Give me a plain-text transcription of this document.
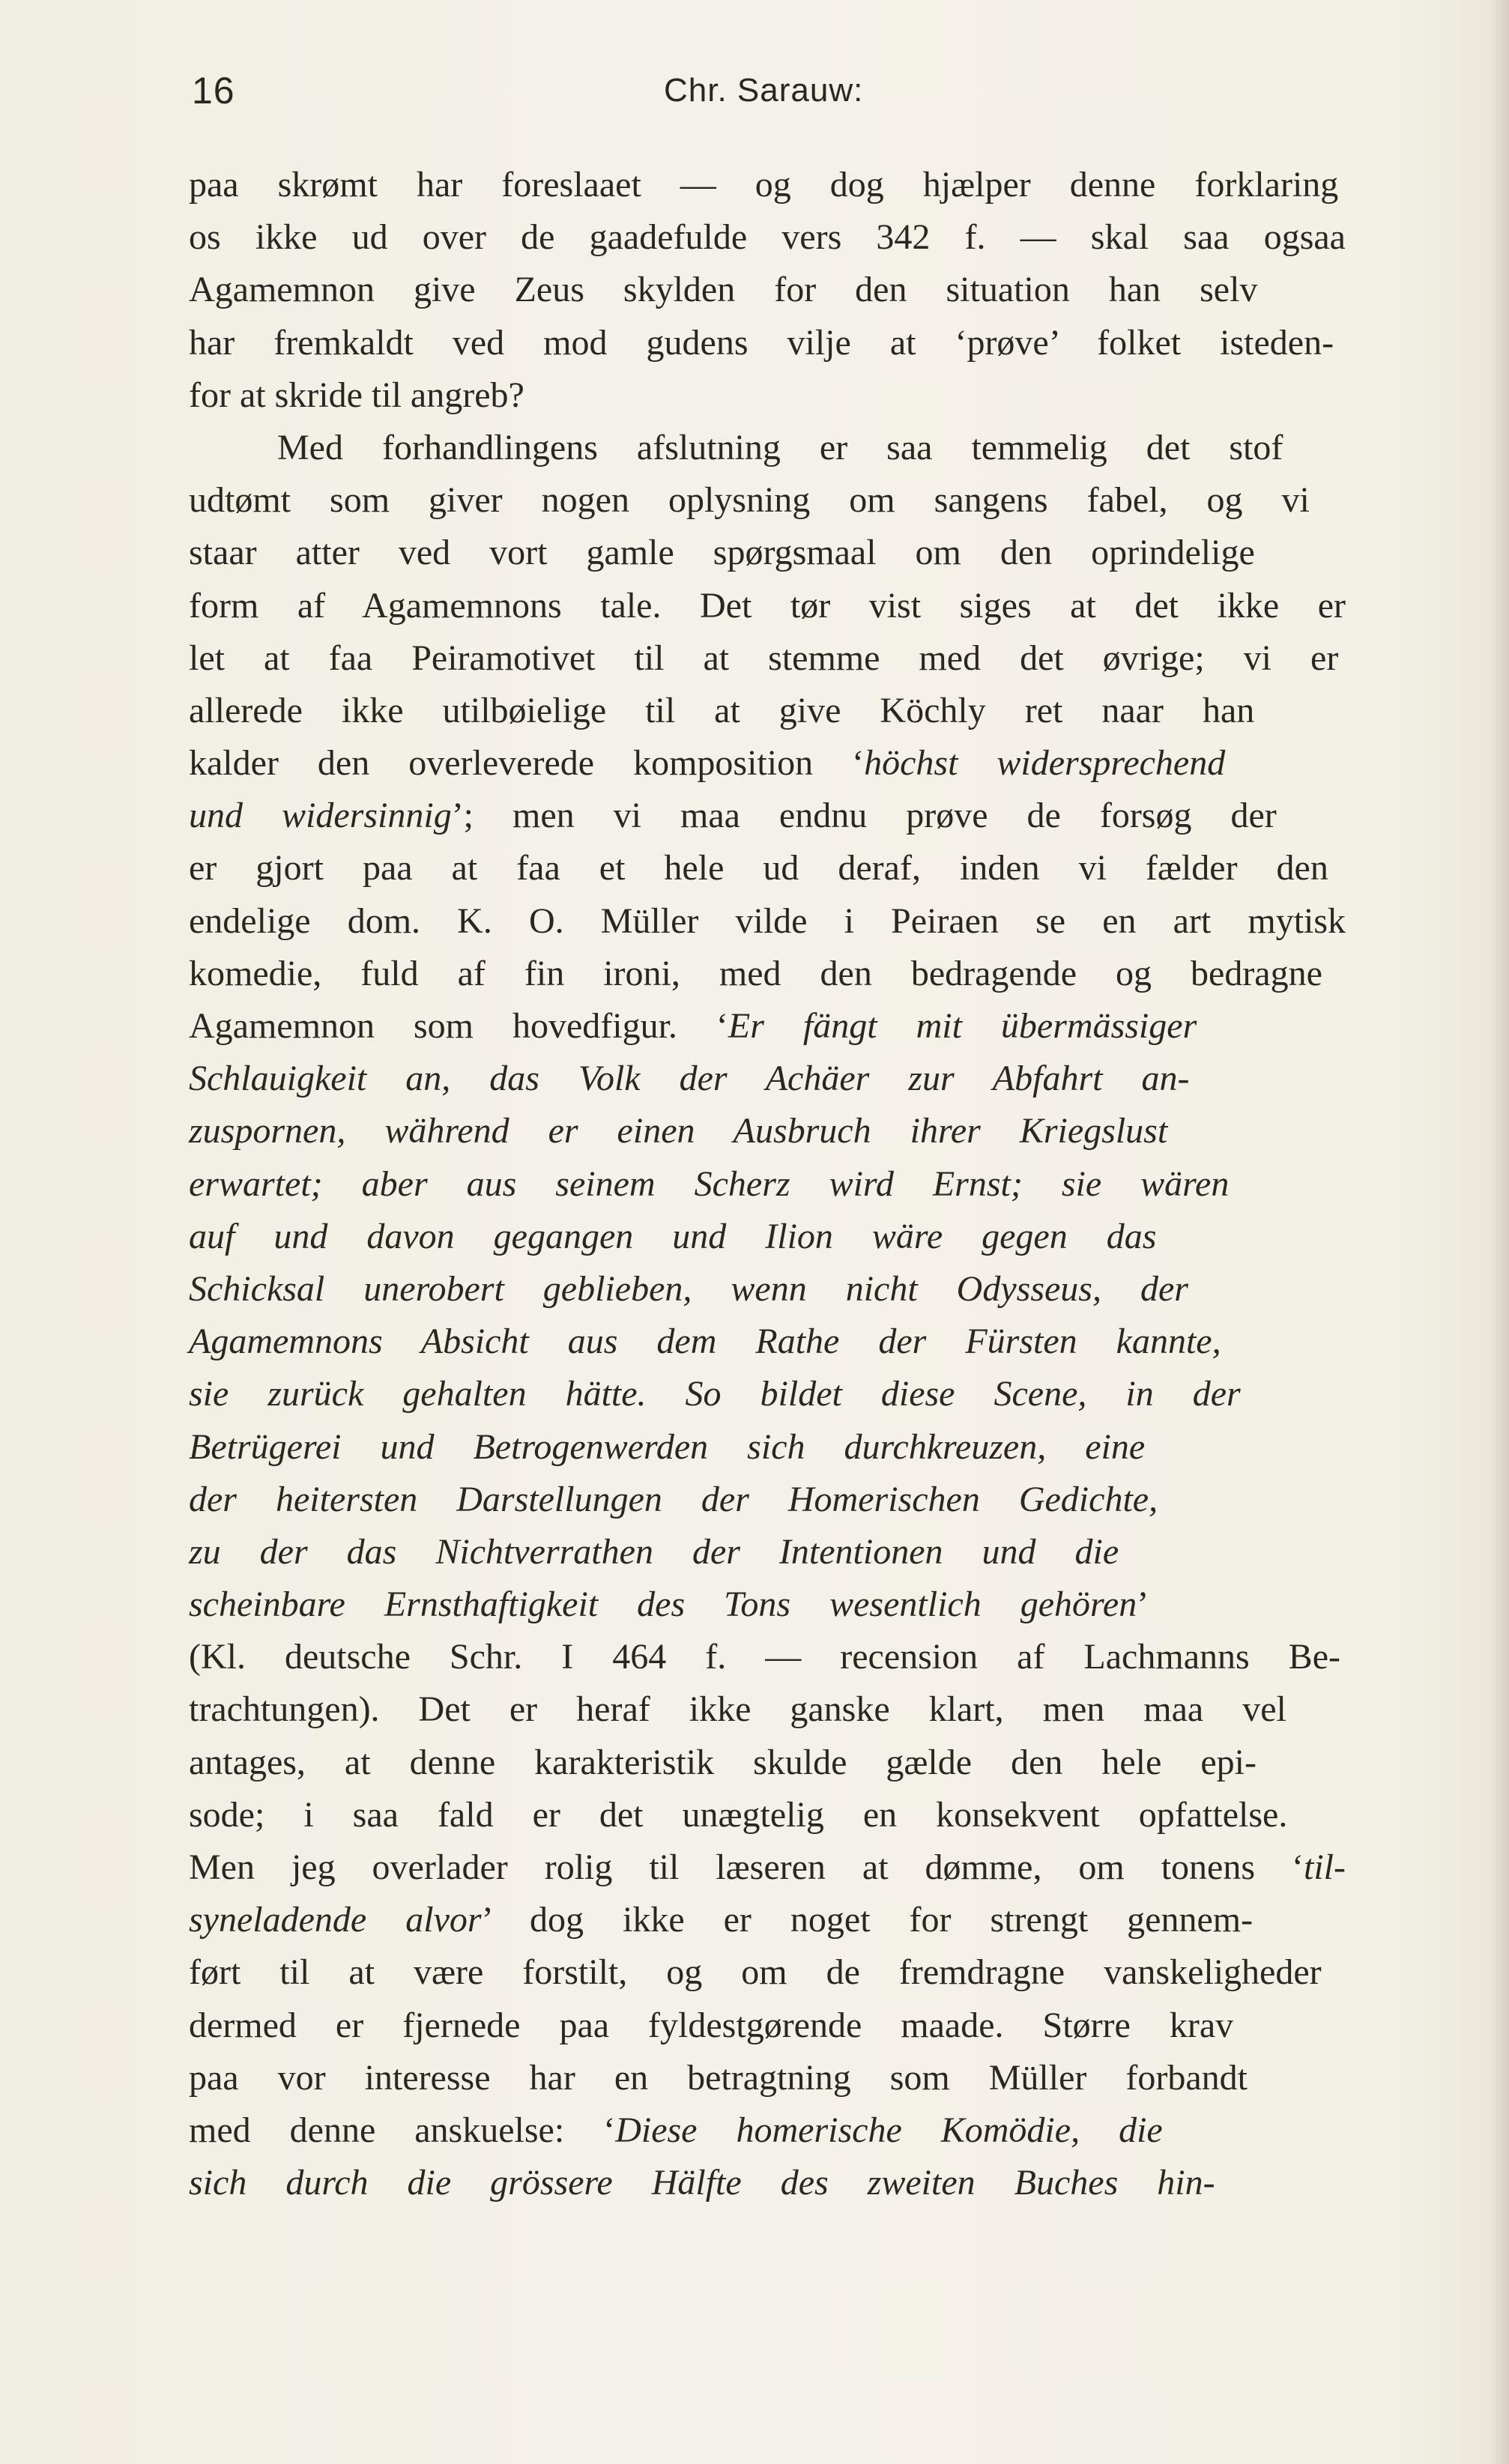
16	Chr. Sarauw:
paa skrømt har foreslaaet — og dog hjælper denne forklaring
os ikke ud over de gaadefulde vers 342 f. — skal saa ogsaa
Agamemnon give Zeus skylden for den situation han selv
har fremkaldt ved mod gudens vilje at ‘prøve’ folket isteden-
for at skride til angreb?
Med forhandlingens afslutning er saa temmelig det stof
udtømt som giver nogen oplysning om sangens fabel, og vi
staar atter ved vort gamle spørgsmaal om den oprindelige
form af Agamemnons tale. Det tør vist siges at det ikke er
let at faa Peiramotivet til at stemme med det øvrige; vi er
allerede ikke utilbøielige til at give Köchly ret naar han
kalder den overleverede komposition ‘höchst widersprechend
und widersinnig’; men vi maa endnu prøve de forsøg der
er gjort paa at faa et hele ud deraf, inden vi fælder den
endelige dom. K. O. Müller vilde i Peiraen se en art mytisk
komedie, fuld af fin ironi, med den bedragende og bedragne
Agamemnon som hovedfigur. ‘Er fängt mit übermässiger
Schlauigkeit an, das Volk der Achäer zur Abfahrt an-
zuspornen, während er einen Ausbruch ihrer Kriegslust
erwartet; aber aus seinem Scherz wird Ernst; sie wären
auf und davon gegangen und Ilion wäre gegen das
Schicksal unerobert geblieben, wenn nicht Odysseus, der
Agamemnons Absicht aus dem Rathe der Fürsten kannte,
sie zurück gehalten hätte. So bildet diese Scene, in der
Betrügerei und Betrogenwerden sich durchkreuzen, eine
der heitersten Darstellungen der Homerischen Gedichte,
zu der das Nichtverrathen der Intentionen und die
scheinbare Ernsthaftigkeit des Tons wesentlich gehören’
(Kl. deutsche Schr. I 464 f. — recension af Lachmanns Be-
trachtungen). Det er heraf ikke ganske klart, men maa vel
antages, at denne karakteristik skulde gælde den hele epi-
sode; i saa fald er det unægtelig en konsekvent opfattelse.
Men jeg overlader rolig til læseren at dømme, om tonens ‘til-
syneladende alvor’ dog ikke er noget for strengt gennem-
ført til at være forstilt, og om de fremdragne vanskeligheder
dermed er fjernede paa fyldestgørende maade. Større krav
paa vor interesse har en betragtning som Müller forbandt
med denne anskuelse: ‘Diese homerische Komödie, die
sich durch die grössere Hälfte des zweiten Buches hin-
